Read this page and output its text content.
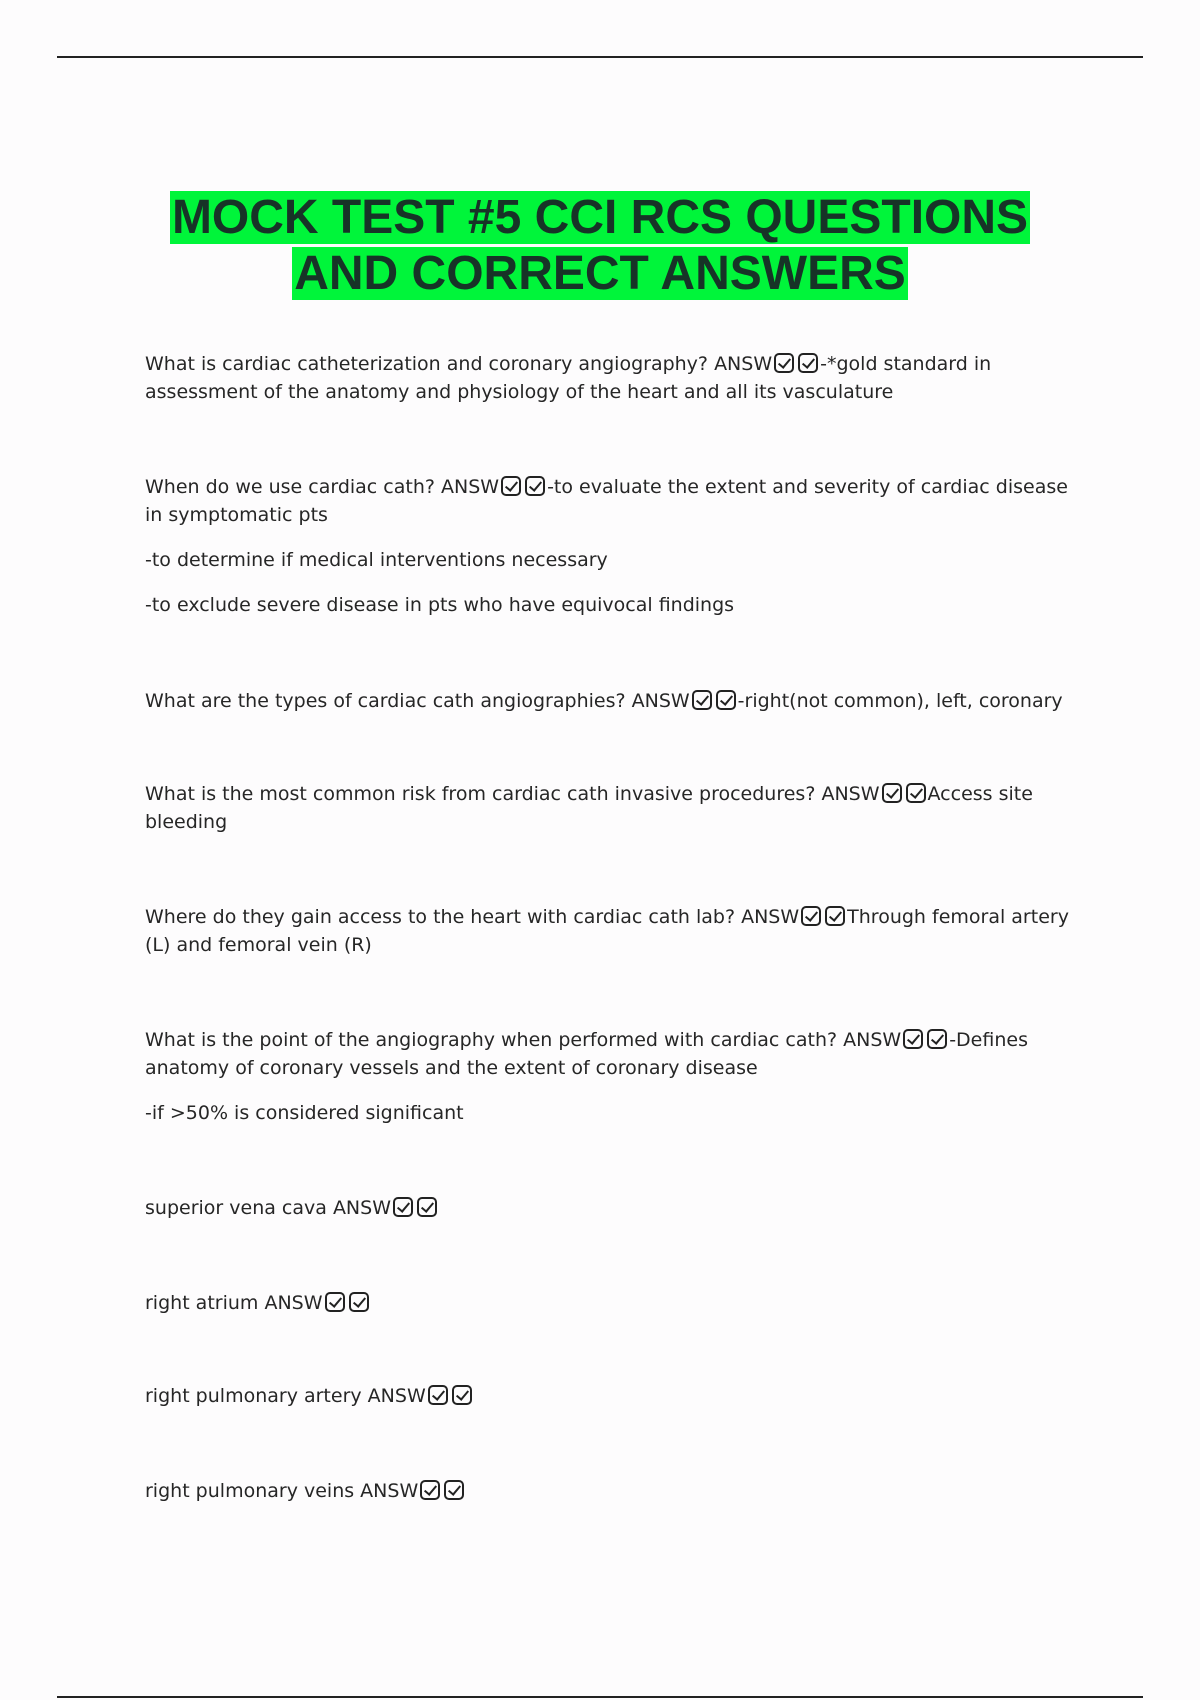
MOCK TEST #5 CCI RCS QUESTIONS
AND CORRECT ANSWERS

What is cardiac catheterization and coronary angiography? ANSW	-*gold standard in assessment of the anatomy and physiology of the heart and all its vasculature

When do we use cardiac cath? ANSW	-to evaluate the extent and severity of cardiac disease in symptomatic pts

-to determine if medical interventions necessary

-to exclude severe disease in pts who have equivocal findings

What are the types of cardiac cath angiographies? ANSW	-right(not common), left, coronary

What is the most common risk from cardiac cath invasive procedures? ANSW	Access site bleeding

Where do they gain access to the heart with cardiac cath lab? ANSW	Through femoral artery (L) and femoral vein (R)

What is the point of the angiography when performed with cardiac cath? ANSW	-Defines anatomy of coronary vessels and the extent of coronary disease

-if >50% is considered significant

superior vena cava ANSW

right atrium ANSW

right pulmonary artery ANSW

right pulmonary veins ANSW
